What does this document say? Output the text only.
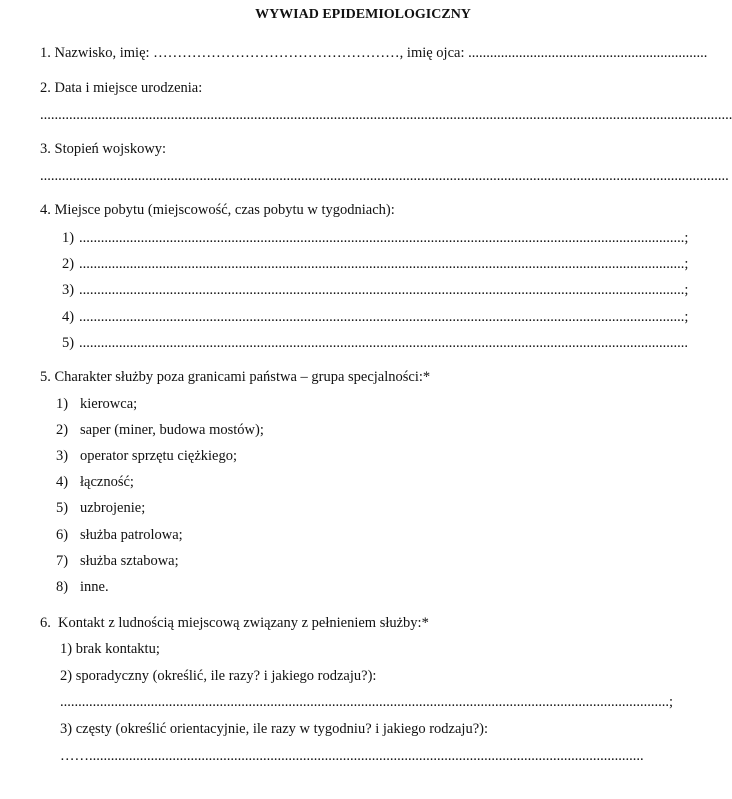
WYWIAD EPIDEMIOLOGICZNY
1. Nazwisko, imię: ……………………………………………, imię ojca: ..................................................................
2. Data i miejsce urodzenia:
...............................................................................................................................................................................................
3. Stopień wojskowy:
..............................................................................................................................................................................................
4. Miejsce pobytu (miejscowość, czas pobytu w tygodniach):
1) .......................................................................................................................................................................;
2) .......................................................................................................................................................................;
3) .......................................................................................................................................................................;
4) .......................................................................................................................................................................;
5) ........................................................................................................................................................................
5. Charakter służby poza granicami państwa – grupa specjalności:*
1) kierowca;
2) saper (miner, budowa mostów);
3) operator sprzętu ciężkiego;
4) łączność;
5) uzbrojenie;
6) służba patrolowa;
7) służba sztabowa;
8) inne.
6. Kontakt z ludnością miejscową związany z pełnieniem służby:*
1) brak kontaktu;
2) sporadyczny (określić, ile razy? i jakiego rodzaju?):
........................................................................................................................................................................;
3) częsty (określić orientacyjnie, ile razy w tygodniu? i jakiego rodzaju?):
…….........................................................................................................................................................
